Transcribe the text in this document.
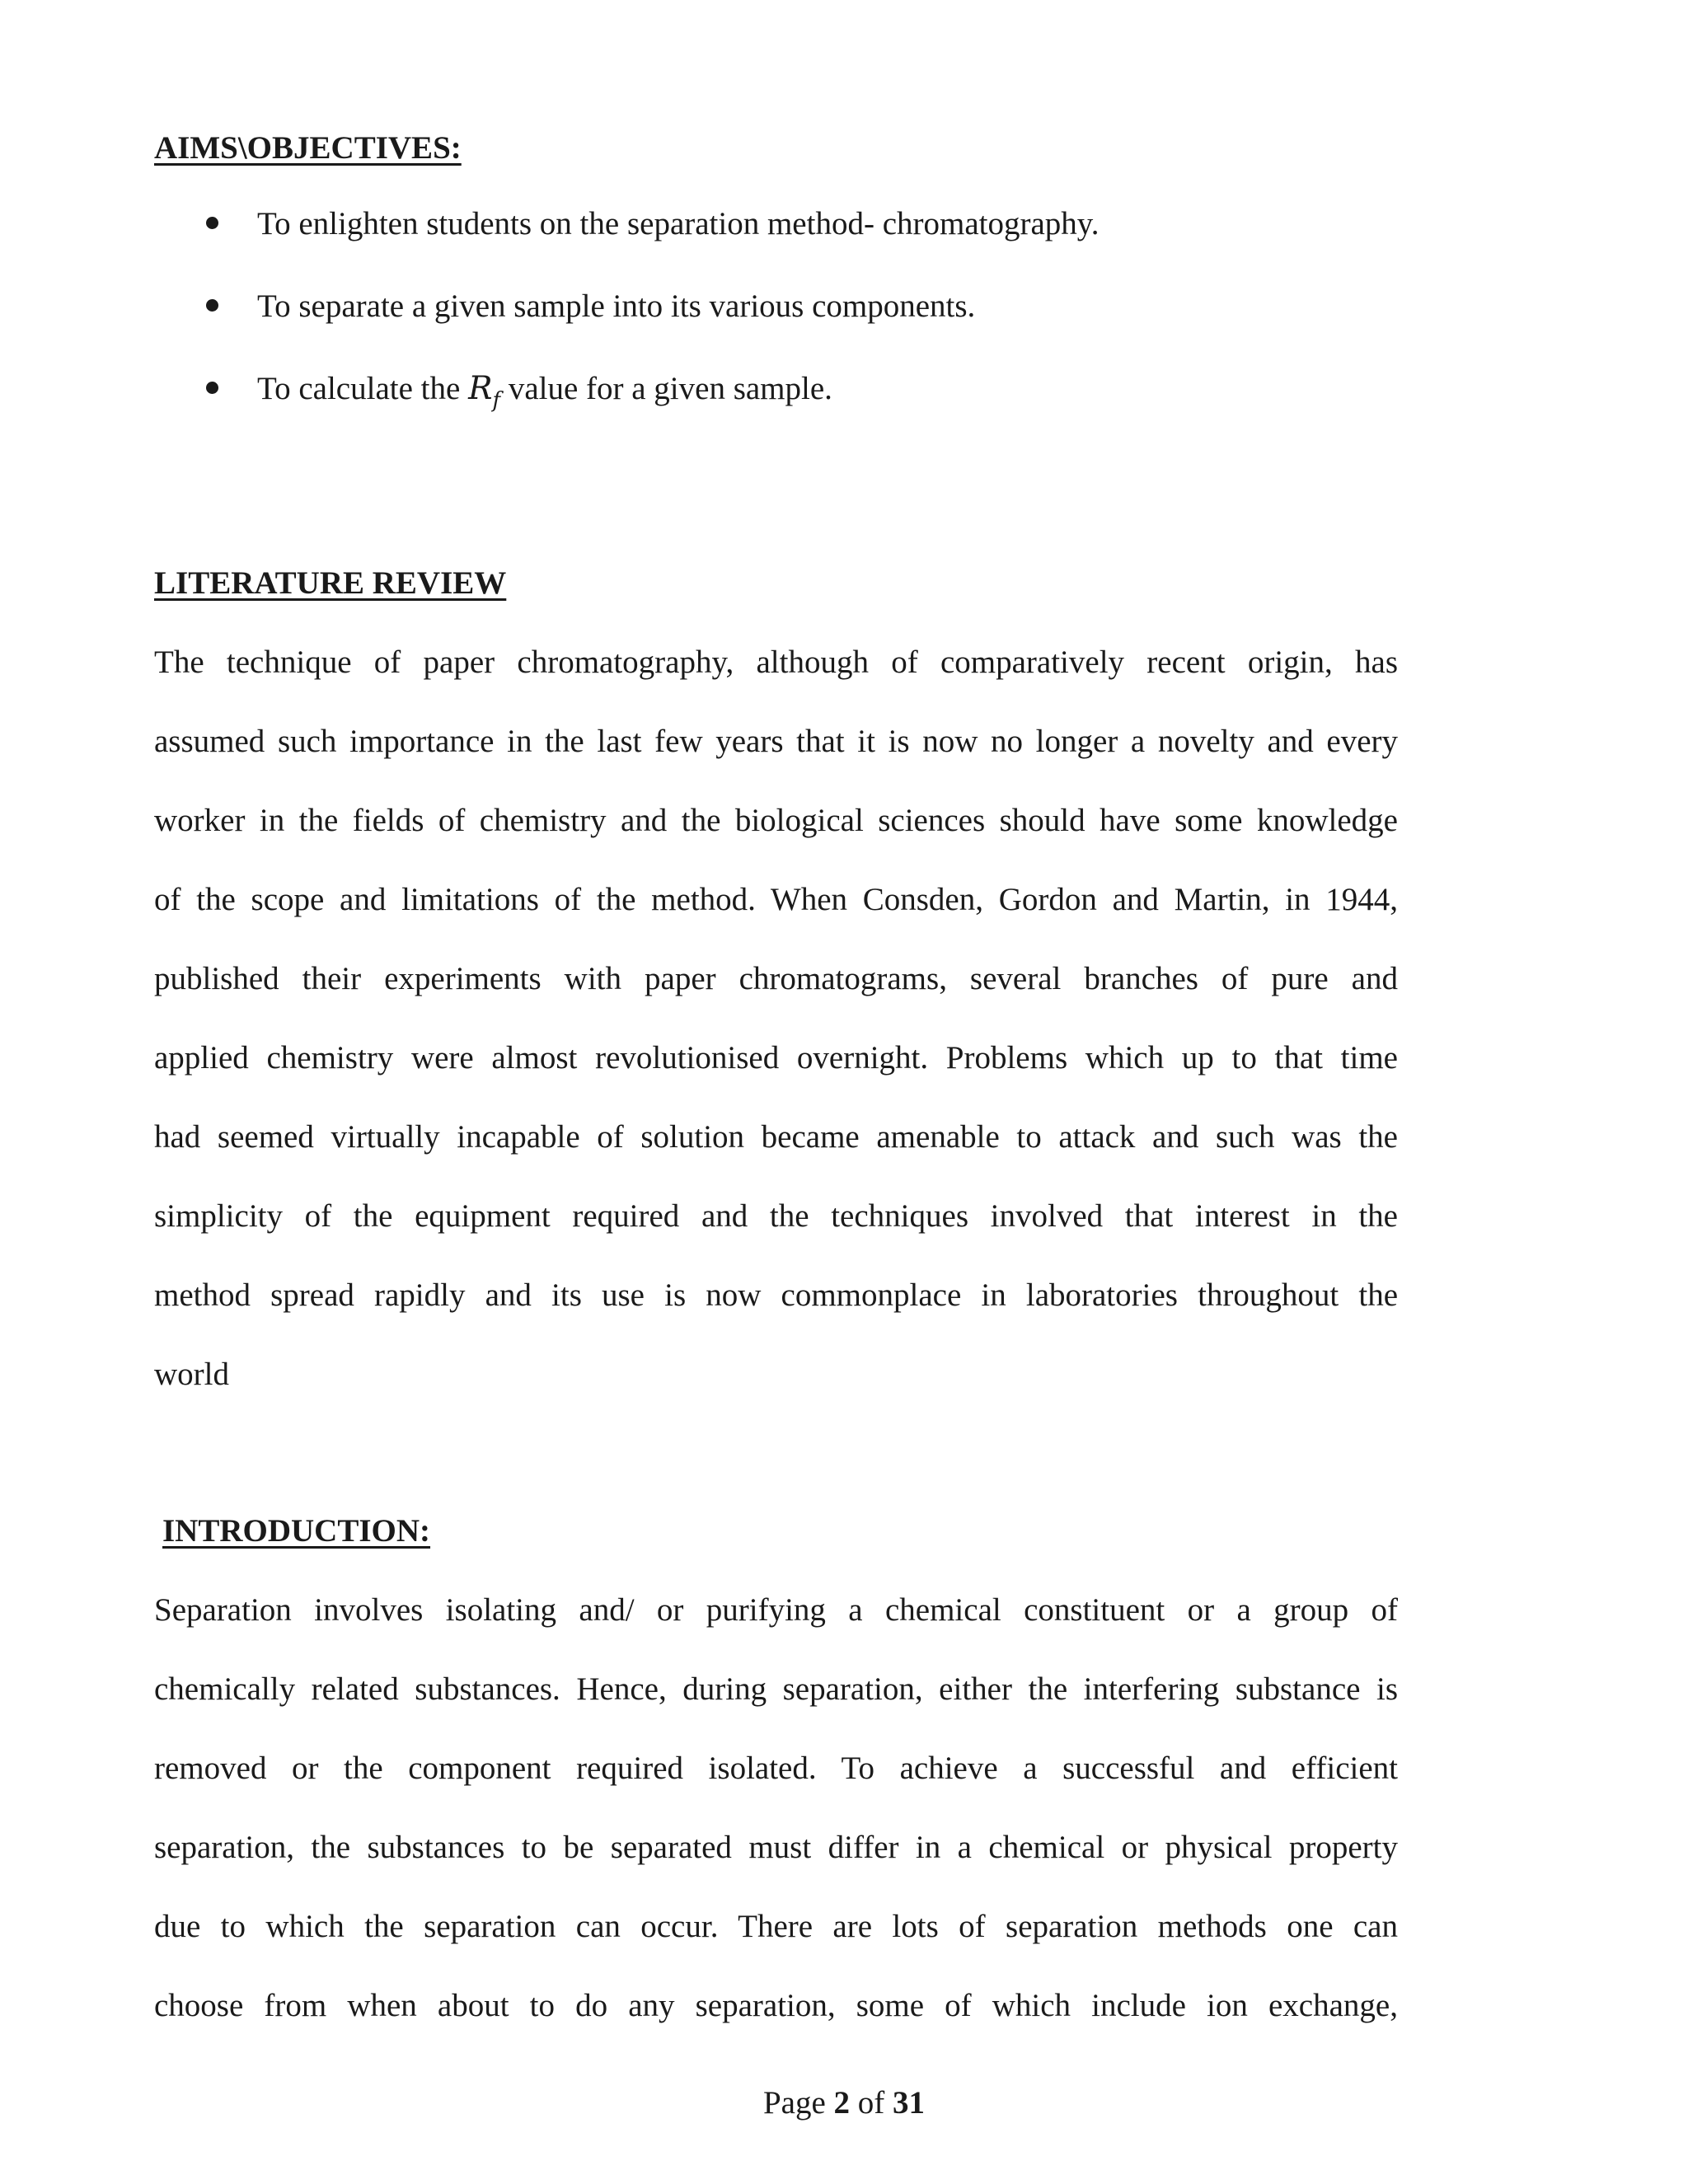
AIMS\OBJECTIVES:
To enlighten students on the separation method- chromatography.
To separate a given sample into its various components.
To calculate the $R_f$ value for a given sample.
LITERATURE REVIEW
The technique of paper chromatography, although of comparatively recent origin, has
assumed such importance in the last few years that it is now no longer a novelty and every
worker in the fields of chemistry and the biological sciences should have some knowledge
of the scope and limitations of the method. When Consden, Gordon and Martin, in 1944,
published their experiments with paper chromatograms, several branches of pure and
applied chemistry were almost revolutionised overnight. Problems which up to that time
had seemed virtually incapable of solution became amenable to attack and such was the
simplicity of the equipment required and the techniques involved that interest in the
method spread rapidly and its use is now commonplace in laboratories throughout the
world
INTRODUCTION:
Separation involves isolating and/ or purifying a chemical constituent or a group of
chemically related substances. Hence, during separation, either the interfering substance is
removed or the component required isolated. To achieve a successful and efficient
separation, the substances to be separated must differ in a chemical or physical property
due to which the separation can occur. There are lots of separation methods one can
choose from when about to do any separation, some of which include ion exchange,
Page 2 of 31
